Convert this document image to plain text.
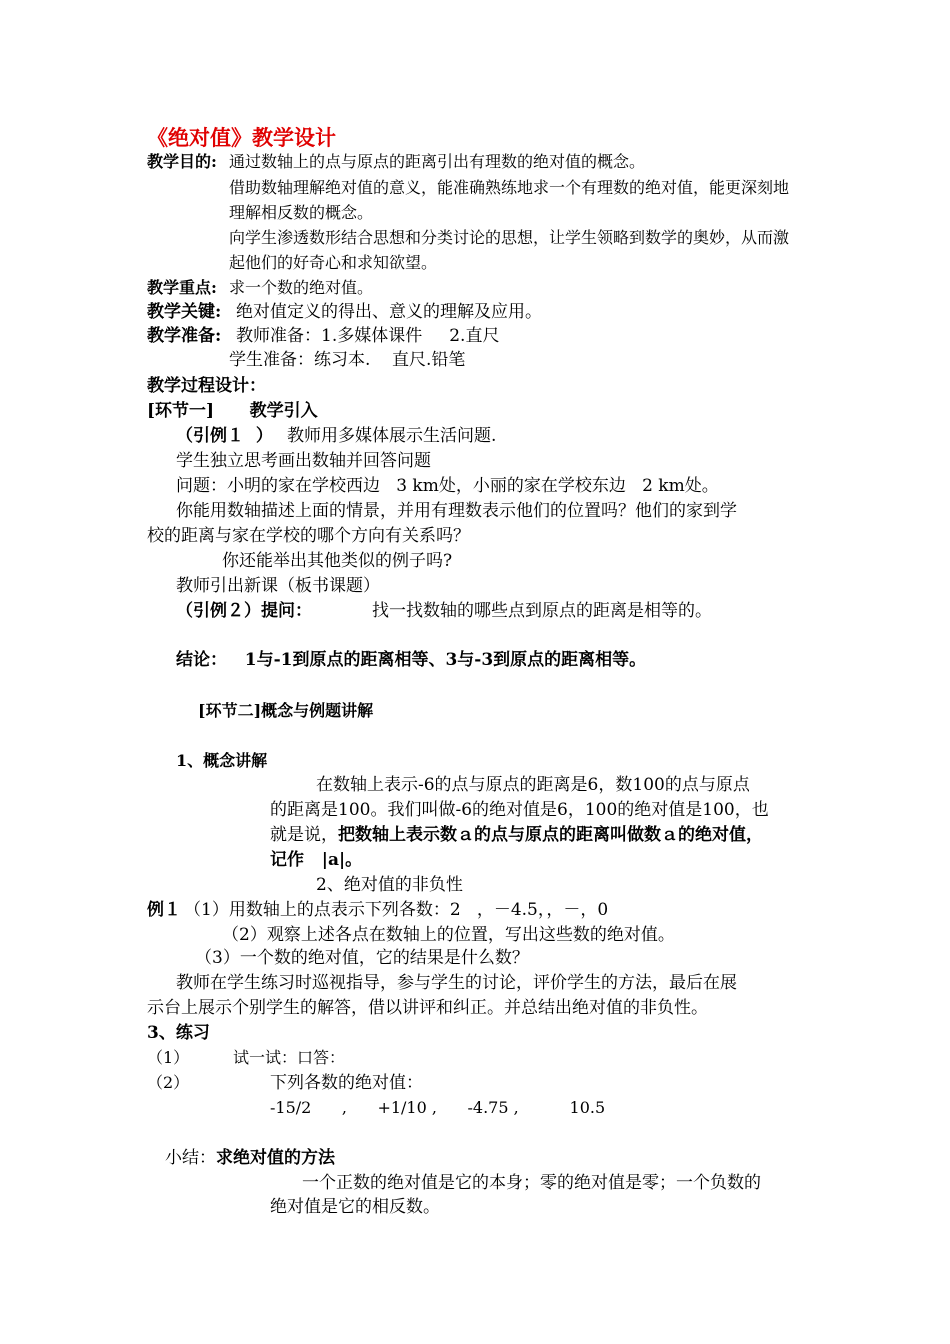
《绝对值》教学设计
教学目的: 通过数轴上的点与原点的距离引出有理数的绝对值的概念。
借助数轴理解绝对值的意义，能准确熟练地求一个有理数的绝对值，能更深刻地
理解相反数的概念。
向学生渗透数形结合思想和分类讨论的思想，让学生领略到数学的奥妙，从而激
起他们的好奇心和求知欲望。
教学重点: 求一个数的绝对值。
教学关键: 绝对值定义的得出、意义的理解及应用。
教学准备: 教师准备：1.多媒体课件     2.直尺
学生准备：练习本.    直尺.铅笔
教学过程设计：
[环节一]      教学引入
（引例１  ） 教师用多媒体展示生活问题.
学生独立思考画出数轴并回答问题
问题：小明的家在学校西边   3 km处，小丽的家在学校东边   2 km处。
你能用数轴描述上面的情景，并用有理数表示他们的位置吗？他们的家到学
校的距离与家在学校的哪个方向有关系吗？
你还能举出其他类似的例子吗?
教师引出新课（板书课题）
（引例２）提问：	找一找数轴的哪些点到原点的距离是相等的。
结论：   1与-1到原点的距离相等、3与-3到原点的距离相等。
[环节二]概念与例题讲解
1、概念讲解
在数轴上表示-6的点与原点的距离是6，数100的点与原点
的距离是100。我们叫做-6的绝对值是6，100的绝对值是100，也
就是说，把数轴上表示数ａ的点与原点的距离叫做数ａ的绝对值，
记作   |a|。
2、绝对值的非负性
例１ （1）用数轴上的点表示下列各数：2   ，－4.5，，－，0
（2）观察上述各点在数轴上的位置，写出这些数的绝对值。
（3）一个数的绝对值，它的结果是什么数？
教师在学生练习时巡视指导，参与学生的讨论，评价学生的方法，最后在展
示台上展示个别学生的解答，借以讲评和纠正。并总结出绝对值的非负性。
3、练习
（1）	试一试：口答：
（2）	下列各数的绝对值：
-15/2      ,      +1/10 ,      -4.75 ,          10.5
小结：求绝对值的方法
一个正数的绝对值是它的本身；零的绝对值是零；一个负数的
绝对值是它的相反数。
